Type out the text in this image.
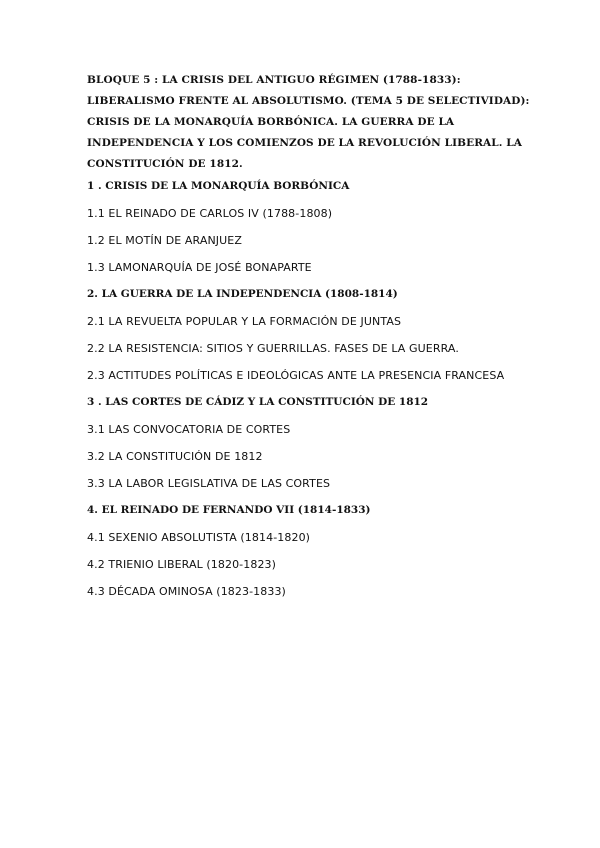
BLOQUE 5 : LA CRISIS DEL ANTIGUO RÉGIMEN (1788-1833):
LIBERALISMO FRENTE AL ABSOLUTISMO. (TEMA 5 DE SELECTIVIDAD):
CRISIS DE LA MONARQUÍA BORBÓNICA. LA GUERRA DE LA
INDEPENDENCIA Y LOS COMIENZOS DE LA REVOLUCIÓN LIBERAL. LA
CONSTITUCIÓN DE 1812.
1 . CRISIS DE LA MONARQUÍA BORBÓNICA
1.1 EL REINADO DE CARLOS IV (1788-1808)
1.2 EL MOTÍN DE ARANJUEZ
1.3 LAMONARQUÍA DE JOSÉ BONAPARTE
2. LA GUERRA DE LA INDEPENDENCIA (1808-1814)
2.1 LA REVUELTA POPULAR Y LA FORMACIÓN DE JUNTAS
2.2 LA RESISTENCIA: SITIOS Y GUERRILLAS. FASES DE LA GUERRA.
2.3 ACTITUDES POLÍTICAS E IDEOLÓGICAS ANTE LA PRESENCIA FRANCESA
3 . LAS CORTES DE CÁDIZ Y LA CONSTITUCIÓN DE 1812
3.1 LAS CONVOCATORIA DE CORTES
3.2 LA CONSTITUCIÓN DE 1812
3.3 LA LABOR LEGISLATIVA DE LAS CORTES
4. EL REINADO DE FERNANDO VII (1814-1833)
4.1 SEXENIO ABSOLUTISTA (1814-1820)
4.2 TRIENIO LIBERAL (1820-1823)
4.3 DÉCADA OMINOSA (1823-1833)
